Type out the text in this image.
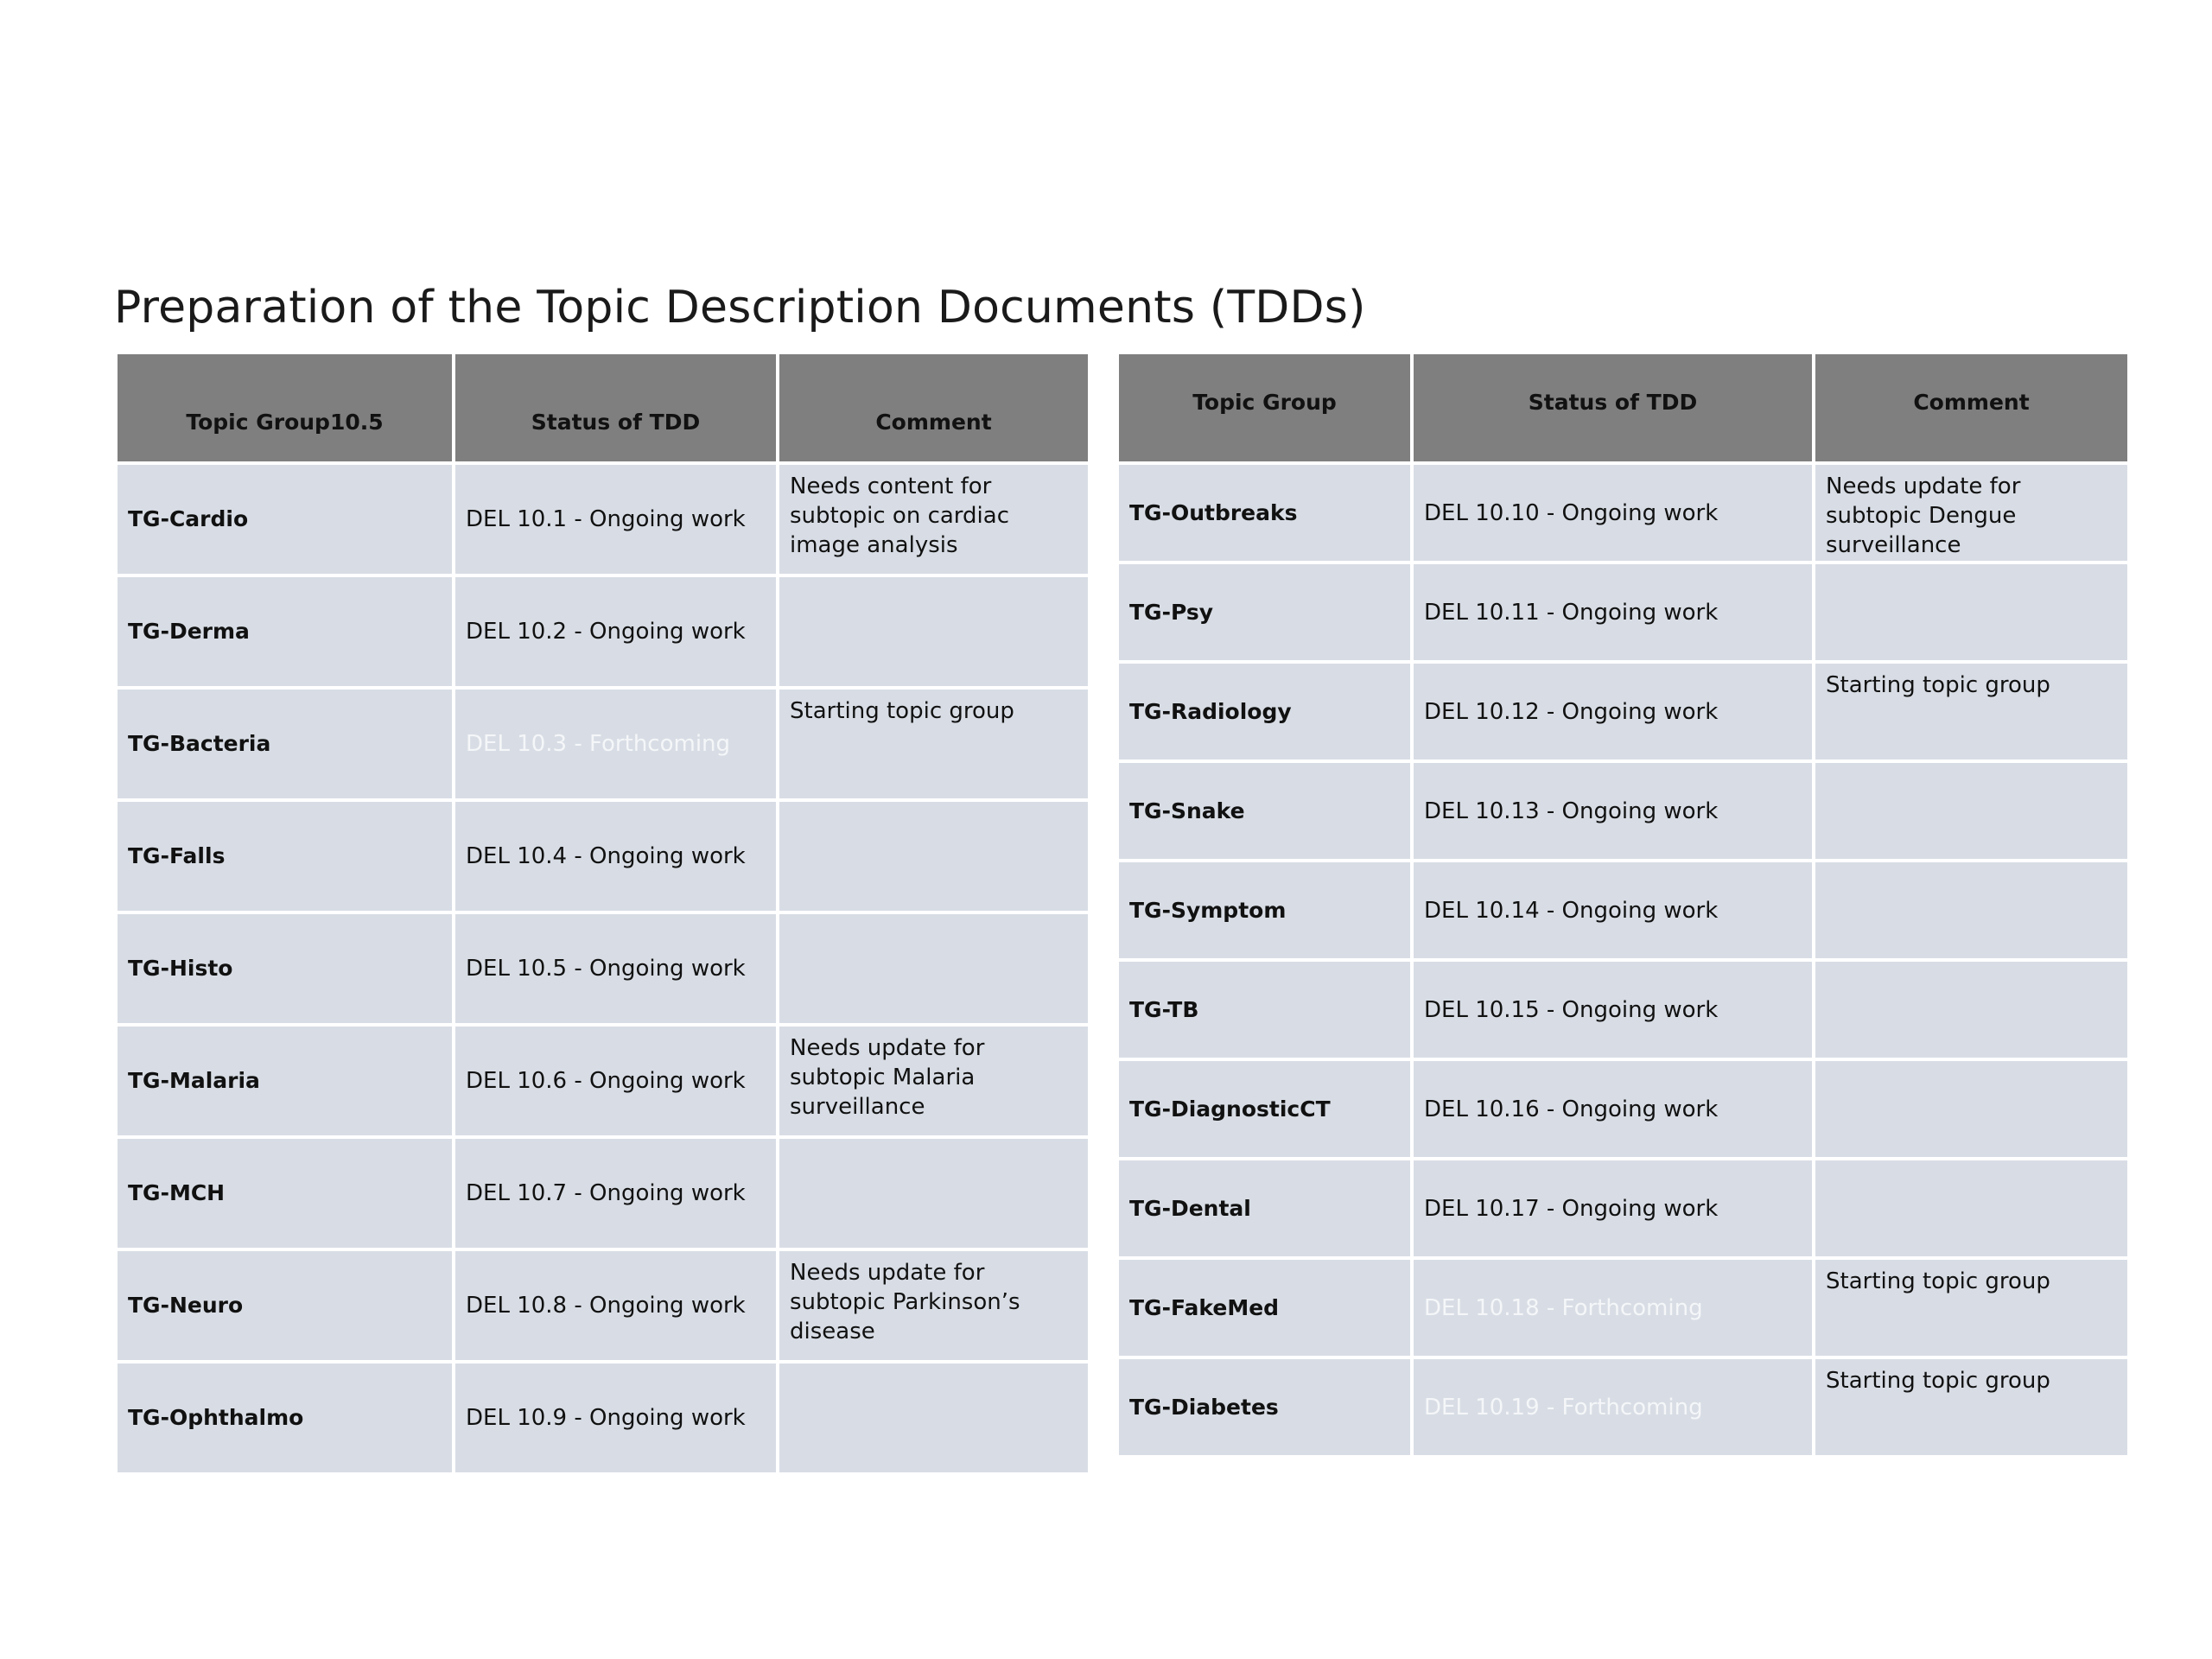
Preparation of the Topic Description Documents (TDDs)
Topic Group10.5	Status of TDD	Comment
TG-Cardio	DEL 10.1 - Ongoing work	Needs content for subtopic on cardiac image analysis
TG-Derma	DEL 10.2 - Ongoing work	
TG-Bacteria	DEL 10.3 - Forthcoming	Starting topic group
TG-Falls	DEL 10.4 - Ongoing work	
TG-Histo	DEL 10.5 - Ongoing work	
TG-Malaria	DEL 10.6 - Ongoing work	Needs update for subtopic Malaria surveillance
TG-MCH	DEL 10.7 - Ongoing work	
TG-Neuro	DEL 10.8 - Ongoing work	Needs update for subtopic Parkinson’s disease
TG-Ophthalmo	DEL 10.9 - Ongoing work	
Topic Group	Status of TDD	Comment
TG-Outbreaks	DEL 10.10 - Ongoing work	Needs update for subtopic Dengue surveillance
TG-Psy	DEL 10.11 - Ongoing work	
TG-Radiology	DEL 10.12 - Ongoing work	Starting topic group
TG-Snake	DEL 10.13 - Ongoing work	
TG-Symptom	DEL 10.14 - Ongoing work	
TG-TB	DEL 10.15 - Ongoing work	
TG-DiagnosticCT	DEL 10.16 - Ongoing work	
TG-Dental	DEL 10.17 - Ongoing work	
TG-FakeMed	DEL 10.18 - Forthcoming	Starting topic group
TG-Diabetes	DEL 10.19 - Forthcoming	Starting topic group
